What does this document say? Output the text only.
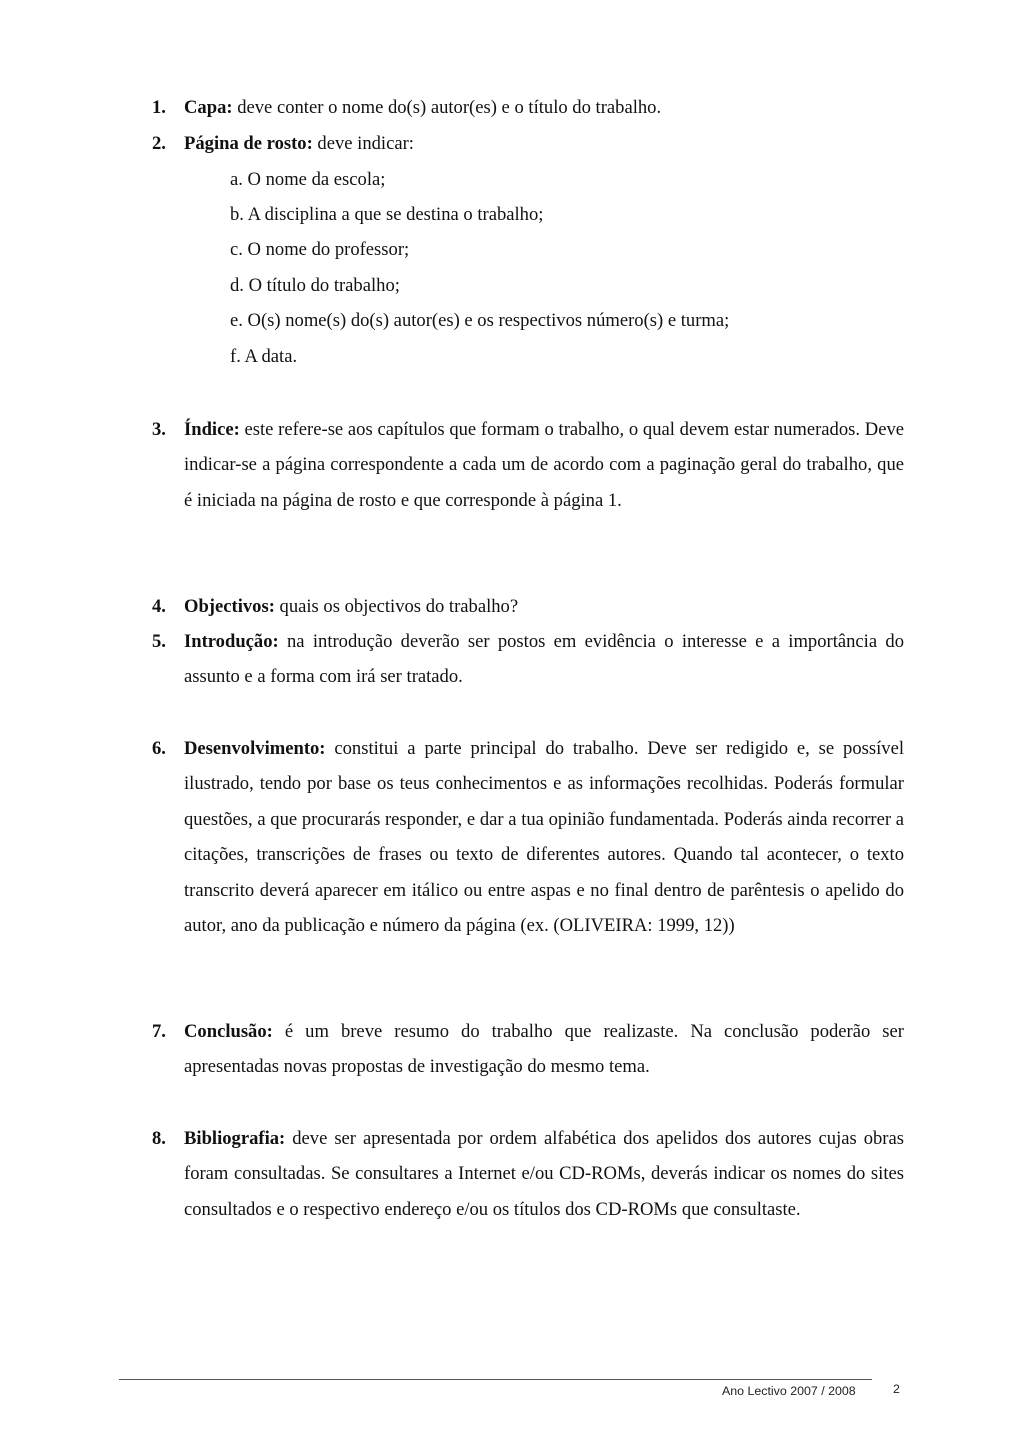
1. Capa: deve conter o nome do(s) autor(es) e o título do trabalho.
2. Página de rosto: deve indicar:
a. O nome da escola;
b. A disciplina a que se destina o trabalho;
c. O nome do professor;
d. O título do trabalho;
e. O(s) nome(s) do(s) autor(es) e os respectivos número(s) e turma;
f. A data.
3. Índice: este refere-se aos capítulos que formam o trabalho, o qual devem estar numerados. Deve indicar-se a página correspondente a cada um de acordo com a paginação geral do trabalho, que é iniciada na página de rosto e que corresponde à página 1.
4. Objectivos: quais os objectivos do trabalho?
5. Introdução: na introdução deverão ser postos em evidência o interesse e a importância do assunto e a forma com irá ser tratado.
6. Desenvolvimento: constitui a parte principal do trabalho. Deve ser redigido e, se possível ilustrado, tendo por base os teus conhecimentos e as informações recolhidas. Poderás formular questões, a que procurarás responder, e dar a tua opinião fundamentada. Poderás ainda recorrer a citações, transcrições de frases ou texto de diferentes autores. Quando tal acontecer, o texto transcrito deverá aparecer em itálico ou entre aspas e no final dentro de parêntesis o apelido do autor, ano da publicação e número da página (ex. (OLIVEIRA: 1999, 12))
7. Conclusão: é um breve resumo do trabalho que realizaste. Na conclusão poderão ser apresentadas novas propostas de investigação do mesmo tema.
8. Bibliografia: deve ser apresentada por ordem alfabética dos apelidos dos autores cujas obras foram consultadas. Se consultares a Internet e/ou CD-ROMs, deverás indicar os nomes do sites consultados e o respectivo endereço e/ou os títulos dos CD-ROMs que consultaste.
Ano Lectivo 2007 / 2008	2
